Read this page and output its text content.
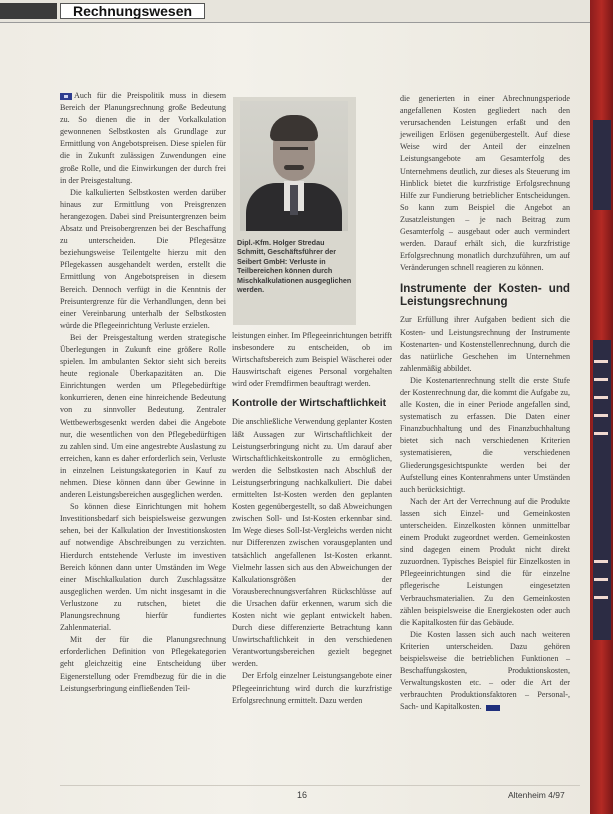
Rechnungswesen

Auch für die Preispolitik muss in diesem Bereich der Planungsrechnung große Bedeutung zu. So dienen die in der Vorkalkulation gewonnenen Selbstkosten als Grundlage zur Ermittlung von Angebotspreisen. Diese spielen für die in Zukunft zulässigen Zuwendungen eine große Rolle, und die Einwirkungen der durch frei in der Preisgestaltung.

Die kalkulierten Selbstkosten werden darüber hinaus zur Ermittlung von Preisgrenzen herangezogen. Dabei sind Preisuntergrenzen beim Absatz und Preisobergrenzen bei der Beschaffung zu unterscheiden. Die Pflegesätze beziehungsweise Teilentgelte hierzu mit den Pflegekassen ausgehandelt werden, erstellt die Ermittlung von Angebotspreisen in diesem Bereich. Dennoch verfügt in die Kenntnis der Preisuntergrenze für die Verhandlungen, denn bei einer Vereinbarung unterhalb der Selbstkosten würde die Pflegeeinrichtung Verluste erzielen.

Bei der Preisgestaltung werden strategische Überlegungen in Zukunft eine größere Rolle spielen. Im ambulanten Sektor sieht sich bereits heute regionale Überkapazitäten an. Die Einrichtungen werden um Pflegebedürftige konkurrieren, denen eine hinreichende Bedeutung von zu sinnvoller Bedeutung. Zentraler Wettbewerbsgesenkt werden dabei die Angebote nur, die wesentlichen von den Pflegebedürftigen zu zahlen sind. Um eine angestrebte Auslastung zu erreichen, kann es daher erforderlich sein, Verluste in einzelnen Leistungskategorien in Kauf zu nehmen. Diese können dann über Gewinne in anderen Leistungsbereichen ausgeglichen werden.

So können diese Einrichtungen mit hohem Investitionsbedarf sich beispielsweise gezwungen sehen, bei der Kalkulation der Investitionskosten auf notwendige Abschreibungen zu verzichten. Hierdurch entstehende Verluste im investiven Bereich können dann unter Umständen im Wege einer Mischkalkulation durch Zuschlagssätze ausgeglichen werden. Um nicht insgesamt in die Verlustzone zu rutschen, bietet die Planungsrechnung hierfür fundiertes Zahlenmaterial.

Mit der für die Planungsrechnung erforderlichen Definition von Pflegekategorien geht gleichzeitig eine Entscheidung über Eigenerstellung oder Fremdbezug für die in die Leistungserbringung einfließenden Teil-

Dipl.-Kfm. Holger Stredau Schmitt, Geschäftsführer der Seibert GmbH: Verluste in Teilbereichen können durch Mischkalkulationen ausgeglichen werden.

leistungen einher. Im Pflegeeinrichtungen betrifft insbesondere zu entscheiden, ob im Wirtschaftsbereich zum Beispiel Wäscherei oder Hauswirtschaft eigenes Personal vorgehalten wird oder Fremdfirmen beauftragt werden.

Kontrolle der Wirtschaftlichkeit

Die anschließliche Verwendung geplanter Kosten läßt Aussagen zur Wirtschaftlichkeit der Leistungserbringung nicht zu. Um darauf aber Wirtschaftlichkeitskontrolle zu ermöglichen, werden die Selbstkosten nach Abschluß der Leistungserbringung nachkalkuliert. Die dabei ermittelten Ist-Kosten werden den geplanten Kosten gegenübergestellt, so daß Abweichungen zwischen Soll- und Ist-Kosten erkennbar sind. Im Wege dieses Soll-Ist-Vergleichs werden nicht nur Differenzen zwischen vorausgeplanten und tatsächlich angefallenen Ist-Kosten erkannt. Vielmehr lassen sich aus den Abweichungen der Kalkulationsgrößen der Vorausberechnungsverfahren Rückschlüsse auf die Ursachen dafür erkennen, warum sich die Kosten nicht wie geplant entwickelt haben. Durch diese differenzierte Betrachtung kann Unwirtschaftlichkeit in den verschiedenen Verantwortungsbereichen gezielt begegnet werden.

Der Erfolg einzelner Leistungsangebote einer Pflegeeinrichtung wird durch die kurzfristige Erfolgsrechnung ermittelt. Dazu werden

die generierten in einer Abrechnungsperiode angefallenen Kosten gegliedert nach den verursachenden Leistungen erfaßt und den jeweiligen Erlösen gegenübergestellt. Auf diese Weise wird der Anteil der einzelnen Leistungsangebote am Gesamterfolg des Unternehmens deutlich, zur dieses als Steuerung im Hinblick bietet die kurzfristige Erfolgsrechnung Hilfe zur Fundierung betrieblicher Entscheidungen. So kann zum Beispiel die Angebot an Zusatzleistungen – je nach Beitrag zum Gesamterfolg – ausgebaut oder auch vermindert werden. Darauf erhält sich, die kurzfristige Erfolgsrechnung monatlich durchzuführen, um auf Veränderungen schnell reagieren zu können.

Instrumente der Kosten- und Leistungsrechnung

Zur Erfüllung ihrer Aufgaben bedient sich die Kosten- und Leistungsrechnung der Instrumente Kostenarten- und Kostenstellenrechnung, durch die das natürliche Geschehen im Unternehmen zahlenmäßig abbildet.

Die Kostenartenrechnung stellt die erste Stufe der Kostenrechnung dar, die kommt die Aufgabe zu, alle Kosten, die in einer Periode angefallen sind, systematisch zu erfassen. Die Daten einer Finanzbuchhaltung und des Finanzbuchhaltung bietet sich nach verschiedenen Kriterien systematisieren, die verschiedenen Gliederungsgesichtspunkte werden bei der Aufstellung eines Kontenrahmens unter Umständen auch berücksichtigt.

Nach der Art der Verrechnung auf die Produkte lassen sich Einzel- und Gemeinkosten unterscheiden. Einzelkosten können unmittelbar einem Produkt zugeordnet werden. Gemeinkosten sind dagegen einem Produkt nicht direkt zuzuordnen. Typisches Beispiel für Einzelkosten in Pflegeeinrichtungen sind die für einzelne pflegerische Leistungen eingesetzten Verbrauchsmaterialien. Zu den Gemeinkosten zählen beispielsweise die Energiekosten oder auch die Kapitalkosten für das Gebäude.

Die Kosten lassen sich auch nach weiteren Kriterien unterscheiden. Dazu gehören beispielsweise die betrieblichen Funktionen – Beschaffungskosten, Produktionskosten, Verwaltungskosten etc. – oder die Art der verbrauchten Produktionsfaktoren – Personal-, Sach- und Kapitalkosten.

16	Altenheim 4/97
